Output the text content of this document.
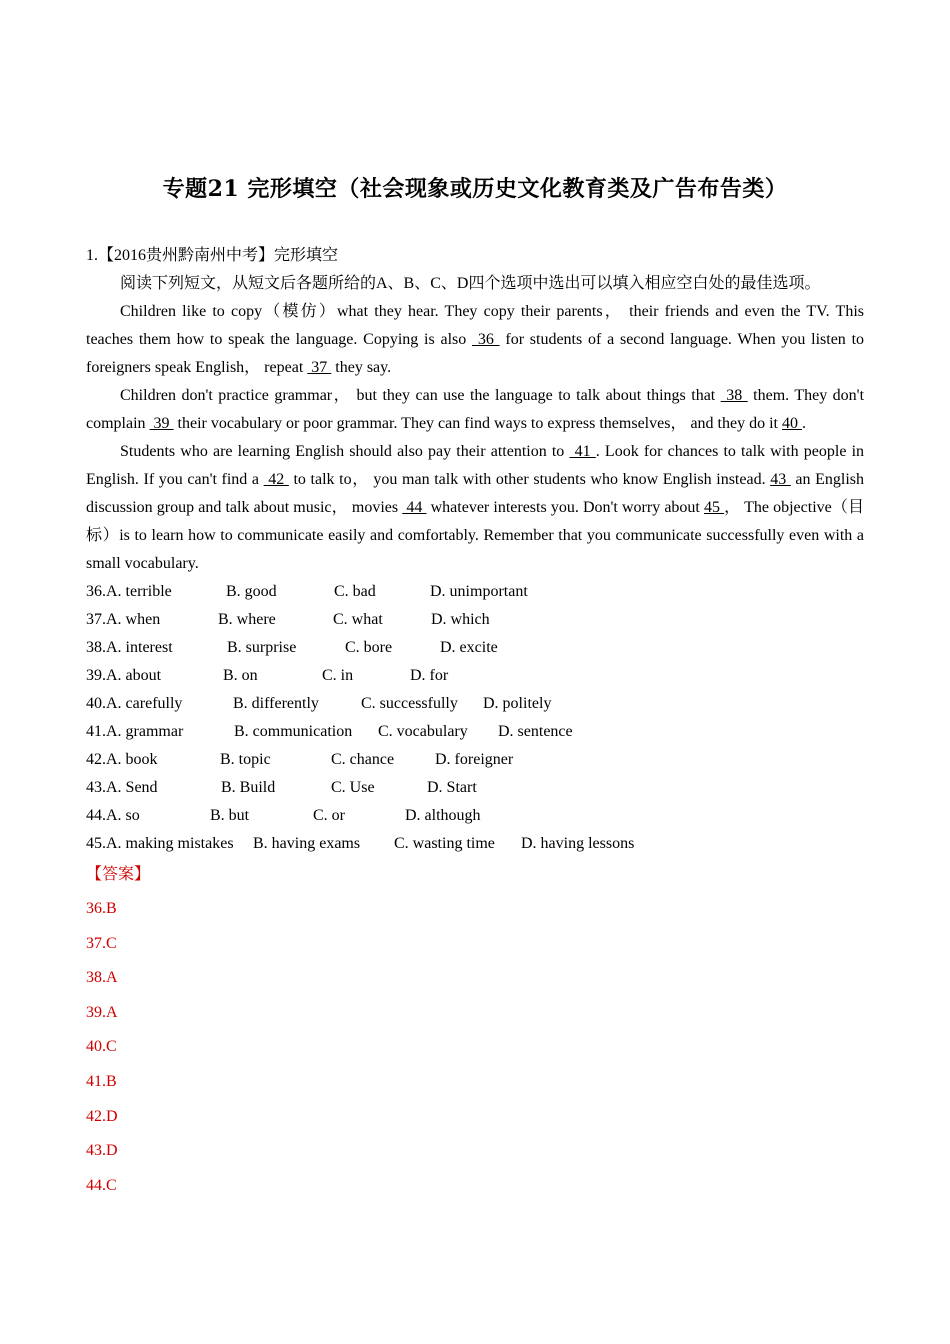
专题21 完形填空（社会现象或历史文化教育类及广告布告类）

1.【2016贵州黔南州中考】完形填空

阅读下列短文，从短文后各题所给的A、B、C、D四个选项中选出可以填入相应空白处的最佳选项。

Children like to copy（模仿）what they hear. They copy their parents， their friends and even the TV. This teaches them how to speak the language. Copying is also  36  for students of a second language. When you listen to foreigners speak English， repeat  37  they say.

Children don't practice grammar， but they can use the language to talk about things that  38  them. They don't complain  39  their vocabulary or poor grammar. They can find ways to express themselves， and they do it 40 .

Students who are learning English should also pay their attention to  41 . Look for chances to talk with people in English. If you can't find a  42  to talk to， you man talk with other students who know English instead. 43  an English discussion group and talk about music， movies  44  whatever interests you. Don't worry about 45 ， The objective（目标）is to learn how to communicate easily and comfortably. Remember that you communicate successfully even with a small vocabulary.

36.A. terrible	B. good	C. bad	D. unimportant
37.A. when	B. where	C. what	D. which
38.A. interest	B. surprise	C. bore	D. excite
39.A. about	B. on	C. in	D. for
40.A. carefully	B. differently	C. successfully	D. politely
41.A. grammar	B. communication	C. vocabulary	D. sentence
42.A. book	B. topic	C. chance	D. foreigner
43.A. Send	B. Build	C. Use	D. Start
44.A. so	B. but	C. or	D. although
45.A. making mistakes	B. having exams	C. wasting time	D. having lessons
【答案】

36.B

37.C

38.A

39.A

40.C

41.B

42.D

43.D

44.C
